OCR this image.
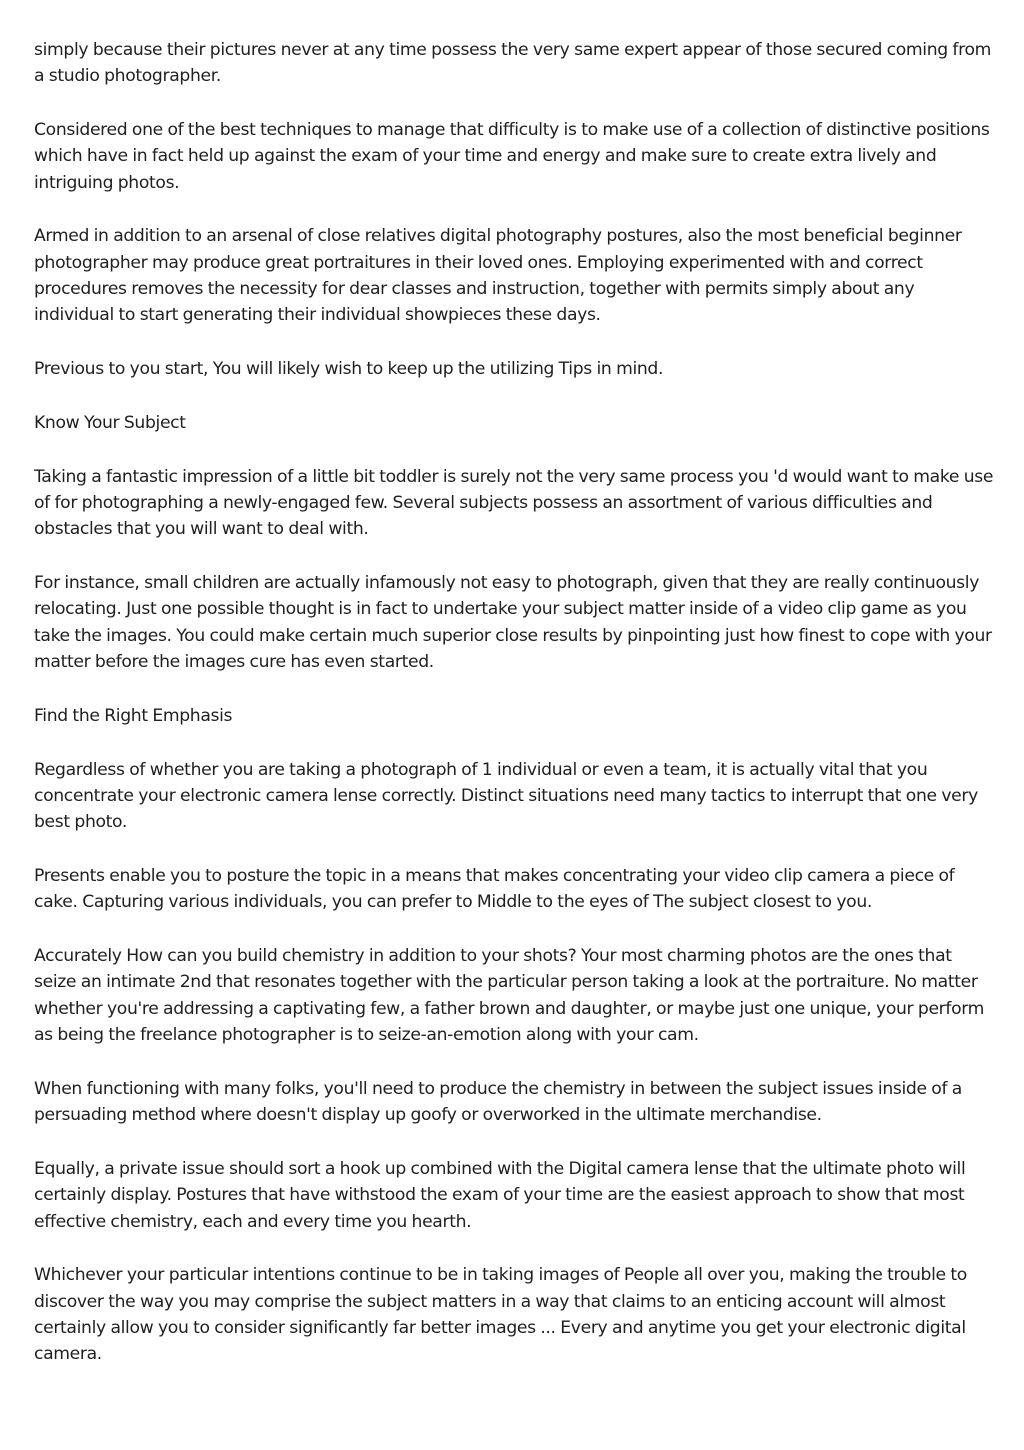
simply because their pictures never at any time possess the very same expert appear of those secured coming from a studio photographer.

Considered one of the best techniques to manage that difficulty is to make use of a collection of distinctive positions which have in fact held up against the exam of your time and energy and make sure to create extra lively and intriguing photos.

Armed in addition to an arsenal of close relatives digital photography postures, also the most beneficial beginner photographer may produce great portraitures in their loved ones. Employing experimented with and correct procedures removes the necessity for dear classes and instruction, together with permits simply about any individual to start generating their individual showpieces these days.

Previous to you start, You will likely wish to keep up the utilizing Tips in mind.

Know Your Subject

Taking a fantastic impression of a little bit toddler is surely not the very same process you 'd would want to make use of for photographing a newly-engaged few. Several subjects possess an assortment of various difficulties and obstacles that you will want to deal with.

For instance, small children are actually infamously not easy to photograph, given that they are really continuously relocating. Just one possible thought is in fact to undertake your subject matter inside of a video clip game as you take the images. You could make certain much superior close results by pinpointing just how finest to cope with your matter before the images cure has even started.

Find the Right Emphasis

Regardless of whether you are taking a photograph of 1 individual or even a team, it is actually vital that you concentrate your electronic camera lense correctly. Distinct situations need many tactics to interrupt that one very best photo.

Presents enable you to posture the topic in a means that makes concentrating your video clip camera a piece of cake. Capturing various individuals, you can prefer to Middle to the eyes of The subject closest to you.

Accurately How can you build chemistry in addition to your shots? Your most charming photos are the ones that seize an intimate 2nd that resonates together with the particular person taking a look at the portraiture. No matter whether you're addressing a captivating few, a father brown and daughter, or maybe just one unique, your perform as being the freelance photographer is to seize-an-emotion along with your cam.

When functioning with many folks, you'll need to produce the chemistry in between the subject issues inside of a persuading method where doesn't display up goofy or overworked in the ultimate merchandise.

Equally, a private issue should sort a hook up combined with the Digital camera lense that the ultimate photo will certainly display. Postures that have withstood the exam of your time are the easiest approach to show that most effective chemistry, each and every time you hearth.

Whichever your particular intentions continue to be in taking images of People all over you, making the trouble to discover the way you may comprise the subject matters in a way that claims to an enticing account will almost certainly allow you to consider significantly far better images ... Every and anytime you get your electronic digital camera.
